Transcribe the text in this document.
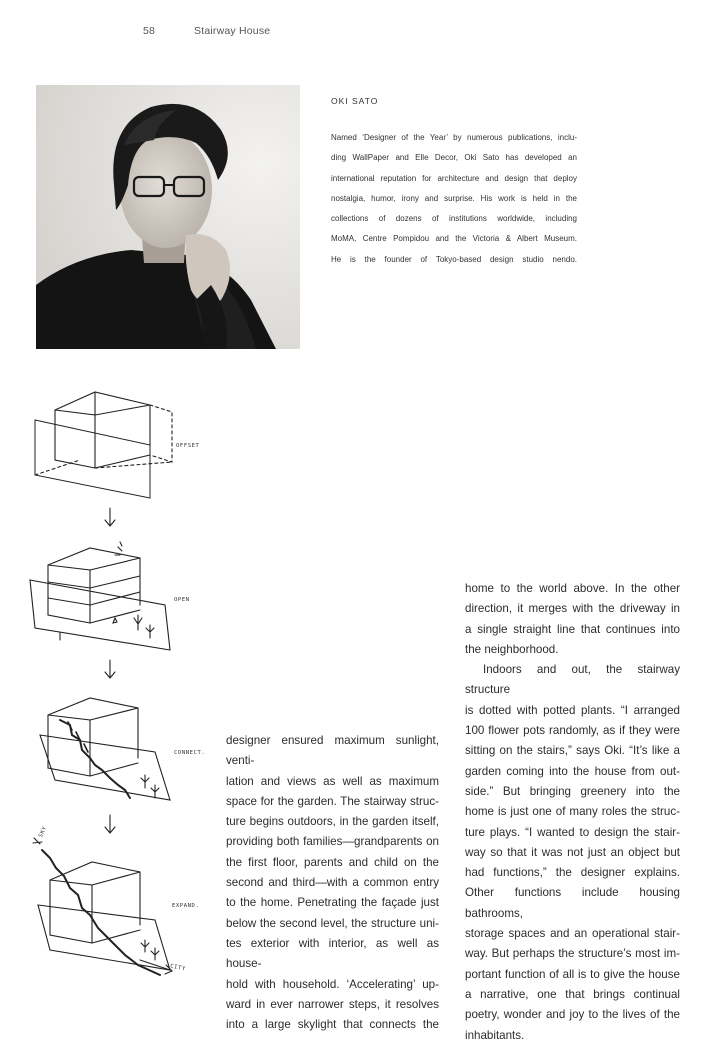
58	Stairway House
OKI SATO
Named ‘Designer of the Year’ by numerous publications, inclu-
ding WallPaper and Elle Decor, Oki Sato has developed an
international reputation for architecture and design that deploy
nostalgia, humor, irony and surprise. His work is held in the
collections of dozens of institutions worldwide, including
MoMA, Centre Pompidou and the Victoria & Albert Museum.
He is the founder of Tokyo-based design studio nendo.
OFFSET
OPEN
CONNECT.
EXPAND.
SKY
CITY

designer ensured maximum sunlight, venti-

lation and views as well as maximum

space for the garden. The stairway struc-

ture begins outdoors, in the garden itself,

providing both families—grandparents on

the first floor, parents and child on the

second and third—with a common entry

to the home. Penetrating the façade just

below the second level, the structure uni-

tes exterior with interior, as well as house-

hold with household. ‘Accelerating’ up-

ward in ever narrower steps, it resolves

into a large skylight that connects the

home to the world above. In the other

direction, it merges with the driveway in

a single straight line that continues into

the neighborhood.

Indoors and out, the stairway structure

is dotted with potted plants. “I arranged

100 flower pots randomly, as if they were

sitting on the stairs,” says Oki. “It’s like a

garden coming into the house from out-

side.” But bringing greenery into the

home is just one of many roles the struc-

ture plays. “I wanted to design the stair-

way so that it was not just an object but

had functions,” the designer explains.

Other functions include housing bathrooms,

storage spaces and an operational stair-

way. But perhaps the structure’s most im-

portant function of all is to give the house

a narrative, one that brings continual

poetry, wonder and joy to the lives of the

inhabitants.
